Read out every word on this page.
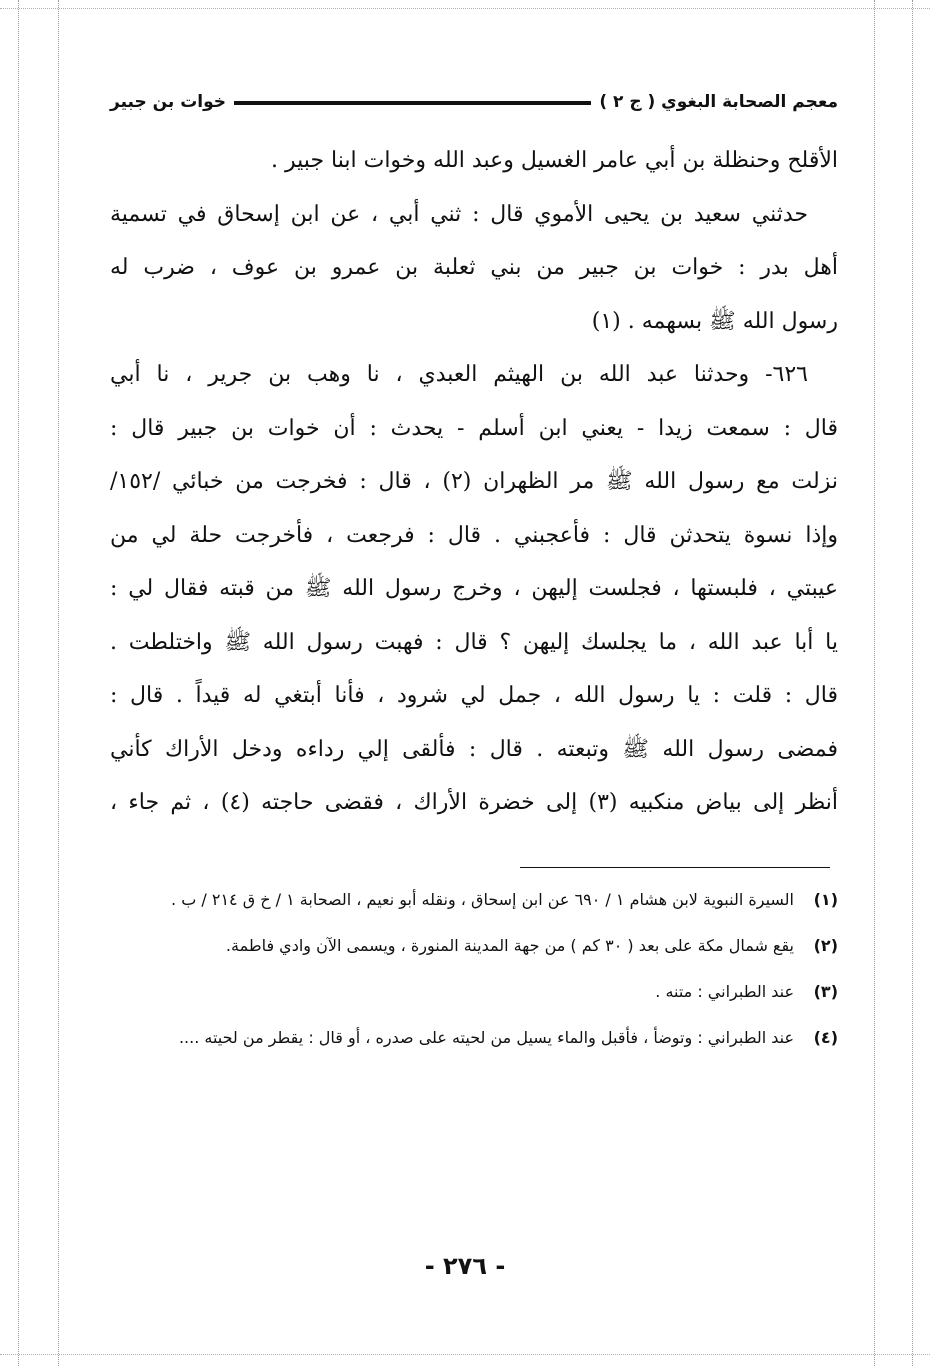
معجم الصحابة البغوي ( ج ٢ )
خوات بن جبير
الأقلح وحنظلة بن أبي عامر الغسيل وعبد الله وخوات ابنا جبير .
حدثني سعيد بن يحيى الأموي قال : ثني أبي ، عن ابن إسحاق في تسمية
أهل بدر : خوات بن جبير من بني ثعلبة بن عمرو بن عوف ، ضرب له
رسول الله ﷺ بسهمه . (١)
٦٢٦- وحدثنا عبد الله بن الهيثم العبدي ، نا وهب بن جرير ، نا أبي
قال : سمعت زيدا - يعني ابن أسلم - يحدث : أن خوات بن جبير قال :
نزلت مع رسول الله ﷺ مر الظهران (٢) ، قال : فخرجت من خبائي /١٥٢/
وإذا نسوة يتحدثن قال : فأعجبني . قال : فرجعت ، فأخرجت حلة لي من
عيبتي ، فلبستها ، فجلست إليهن ، وخرج رسول الله ﷺ من قبته فقال لي :
يا أبا عبد الله ، ما يجلسك إليهن ؟ قال : فهبت رسول الله ﷺ واختلطت .
قال : قلت : يا رسول الله ، جمل لي شرود ، فأنا أبتغي له قيداً . قال :
فمضى رسول الله ﷺ وتبعته . قال : فألقى إلي رداءه ودخل الأراك كأني
أنظر إلى بياض منكبيه (٣) إلى خضرة الأراك ، فقضى حاجته (٤) ، ثم جاء ،
(١)
السيرة النبوية لابن هشام ١ / ٦٩٠ عن ابن إسحاق ، ونقله أبو نعيم ، الصحابة ١ / خ ق ٢١٤ / ب .
(٢)
يقع شمال مكة على بعد ( ٣٠ كم ) من جهة المدينة المنورة ، ويسمى الآن وادي فاطمة.
(٣)
عند الطبراني : متنه .
(٤)
عند الطبراني : وتوضأ ، فأقبل والماء يسيل من لحيته على صدره ، أو قال : يقطر من لحيته ....
- ٢٧٦ -
